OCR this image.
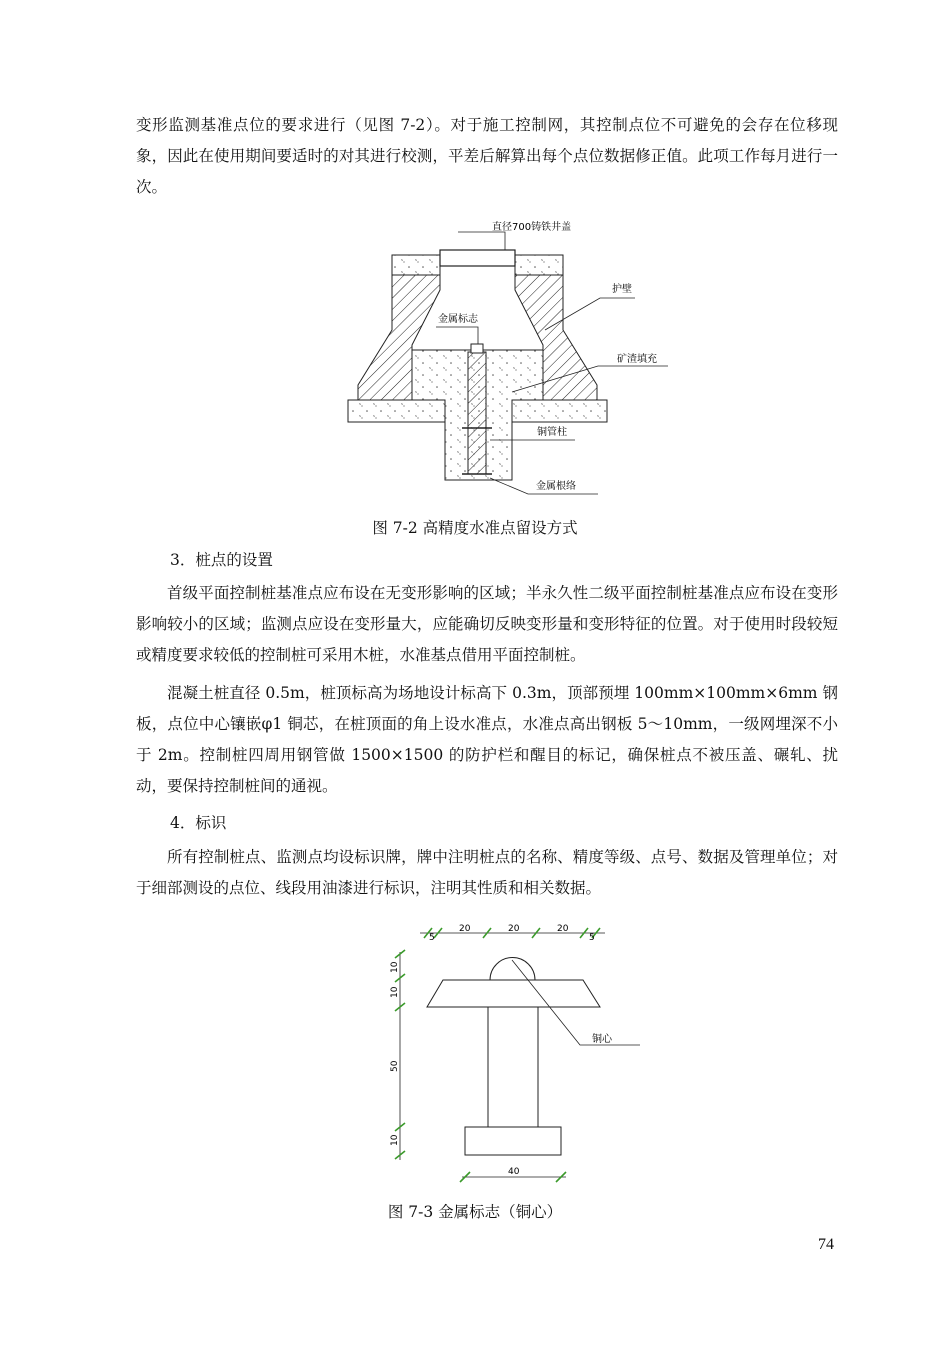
变形监测基准点位的要求进行（见图 7-2）。对于施工控制网，其控制点位不可避免的会存在位移现象，因此在使用期间要适时的对其进行校测，平差后解算出每个点位数据修正值。此项工作每月进行一次。

直径700铸铁井盖
护壁
金属标志
矿渣填充
铜管柱
金属根络

图 7-2 高精度水准点留设方式

3．桩点的设置

首级平面控制桩基准点应布设在无变形影响的区域；半永久性二级平面控制桩基准点应布设在变形影响较小的区域；监测点应设在变形量大，应能确切反映变形量和变形特征的位置。对于使用时段较短或精度要求较低的控制桩可采用木桩，水准基点借用平面控制桩。

混凝土桩直径 0.5m，桩顶标高为场地设计标高下 0.3m，顶部预埋 100mm×100mm×6mm 钢板，点位中心镶嵌φ1 铜芯，在桩顶面的角上设水准点，水准点高出钢板 5～10mm，一级网埋深不小于 2m。控制桩四周用钢管做 1500×1500 的防护栏和醒目的标记，确保桩点不被压盖、碾轧、扰动，要保持控制桩间的通视。

4．标识

所有控制桩点、监测点均设标识牌，牌中注明桩点的名称、精度等级、点号、数据及管理单位；对于细部测设的点位、线段用油漆进行标识，注明其性质和相关数据。

5
20	20	20
5
10
10
50
10
铜心
40

图 7-3 金属标志（铜心）

74
